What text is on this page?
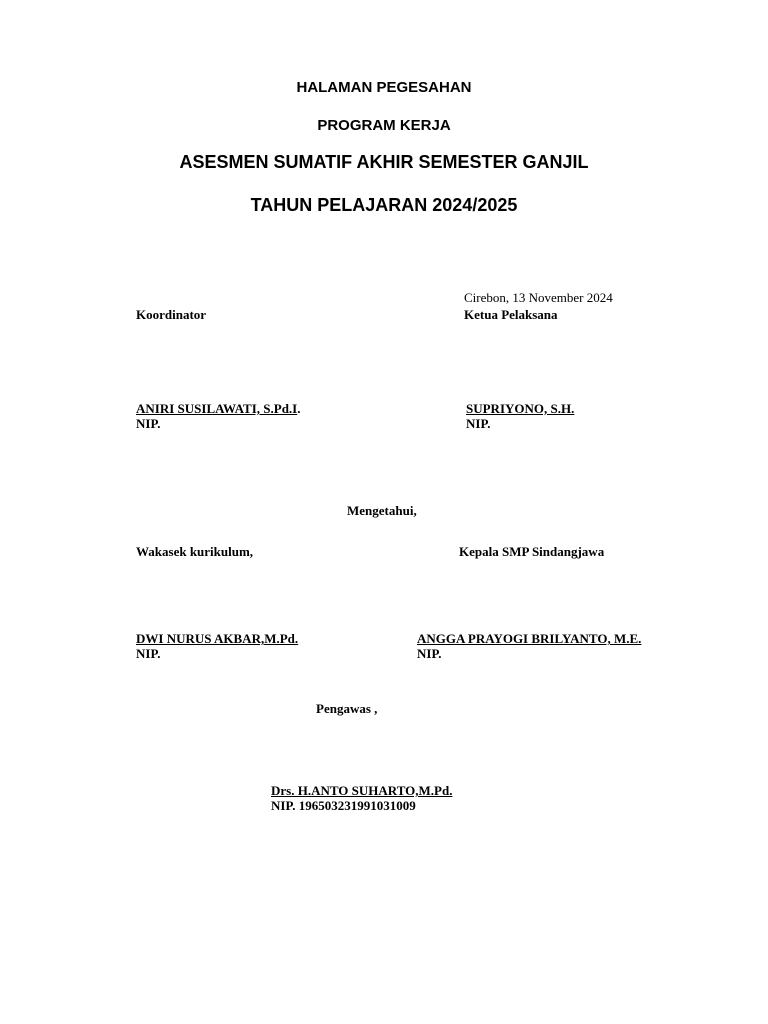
HALAMAN PEGESAHAN
PROGRAM KERJA
ASESMEN SUMATIF AKHIR SEMESTER GANJIL
TAHUN PELAJARAN 2024/2025
Cirebon, 13 November 2024
Koordinator	Ketua Pelaksana
ANIRI SUSILAWATI, S.Pd.I.
NIP.
SUPRIYONO, S.H.
NIP.
Mengetahui,
Wakasek kurikulum,	Kepala SMP Sindangjawa
DWI NURUS AKBAR,M.Pd.
NIP.
ANGGA PRAYOGI BRILYANTO, M.E.
NIP.
Pengawas ,
Drs. H.ANTO SUHARTO,M.Pd.
NIP. 196503231991031009
